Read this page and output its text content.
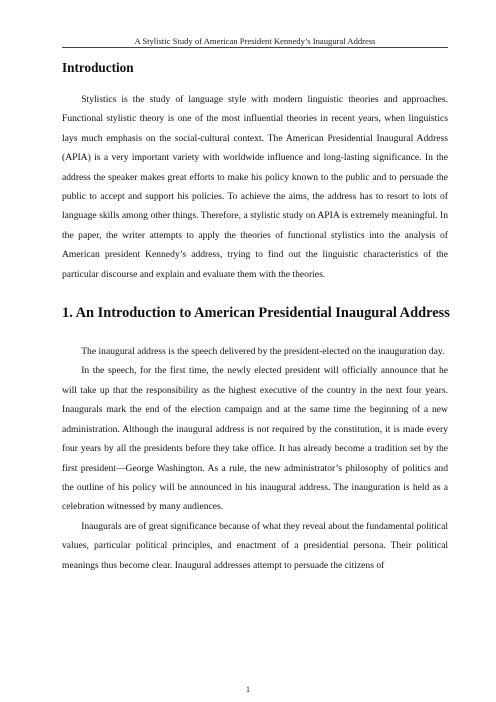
A Stylistic Study of American President Kennedy’s Inaugural Address
Introduction

Stylistics is the study of language style with modern linguistic theories and approaches. Functional stylistic theory is one of the most influential theories in recent years, when linguistics lays much emphasis on the social-cultural context. The American Presidential Inaugural Address (APIA) is a very important variety with worldwide influence and long-lasting significance. In the address the speaker makes great efforts to make his policy known to the public and to persuade the public to accept and support his policies. To achieve the aims, the address has to resort to lots of language skills among other things. Therefore, a stylistic study on APIA is extremely meaningful. In the paper, the writer attempts to apply the theories of functional stylistics into the analysis of American president Kennedy’s address, trying to find out the linguistic characteristics of the particular discourse and explain and evaluate them with the theories.

1. An Introduction to American Presidential Inaugural Address

The inaugural address is the speech delivered by the president-elected on the inauguration day.

In the speech, for the first time, the newly elected president will officially announce that he will take up that the responsibility as the highest executive of the country in the next four years. Inaugurals mark the end of the election campaign and at the same time the beginning of a new administration. Although the inaugural address is not required by the constitution, it is made every four years by all the presidents before they take office. It has already become a tradition set by the first president—George Washington. As a rule, the new administrator’s philosophy of politics and the outline of his policy will be announced in his inaugural address. The inauguration is held as a celebration witnessed by many audiences.

Inaugurals are of great significance because of what they reveal about the fundamental political values, particular political principles, and enactment of a presidential persona. Their political meanings thus become clear. Inaugural addresses attempt to persuade the citizens of

1
